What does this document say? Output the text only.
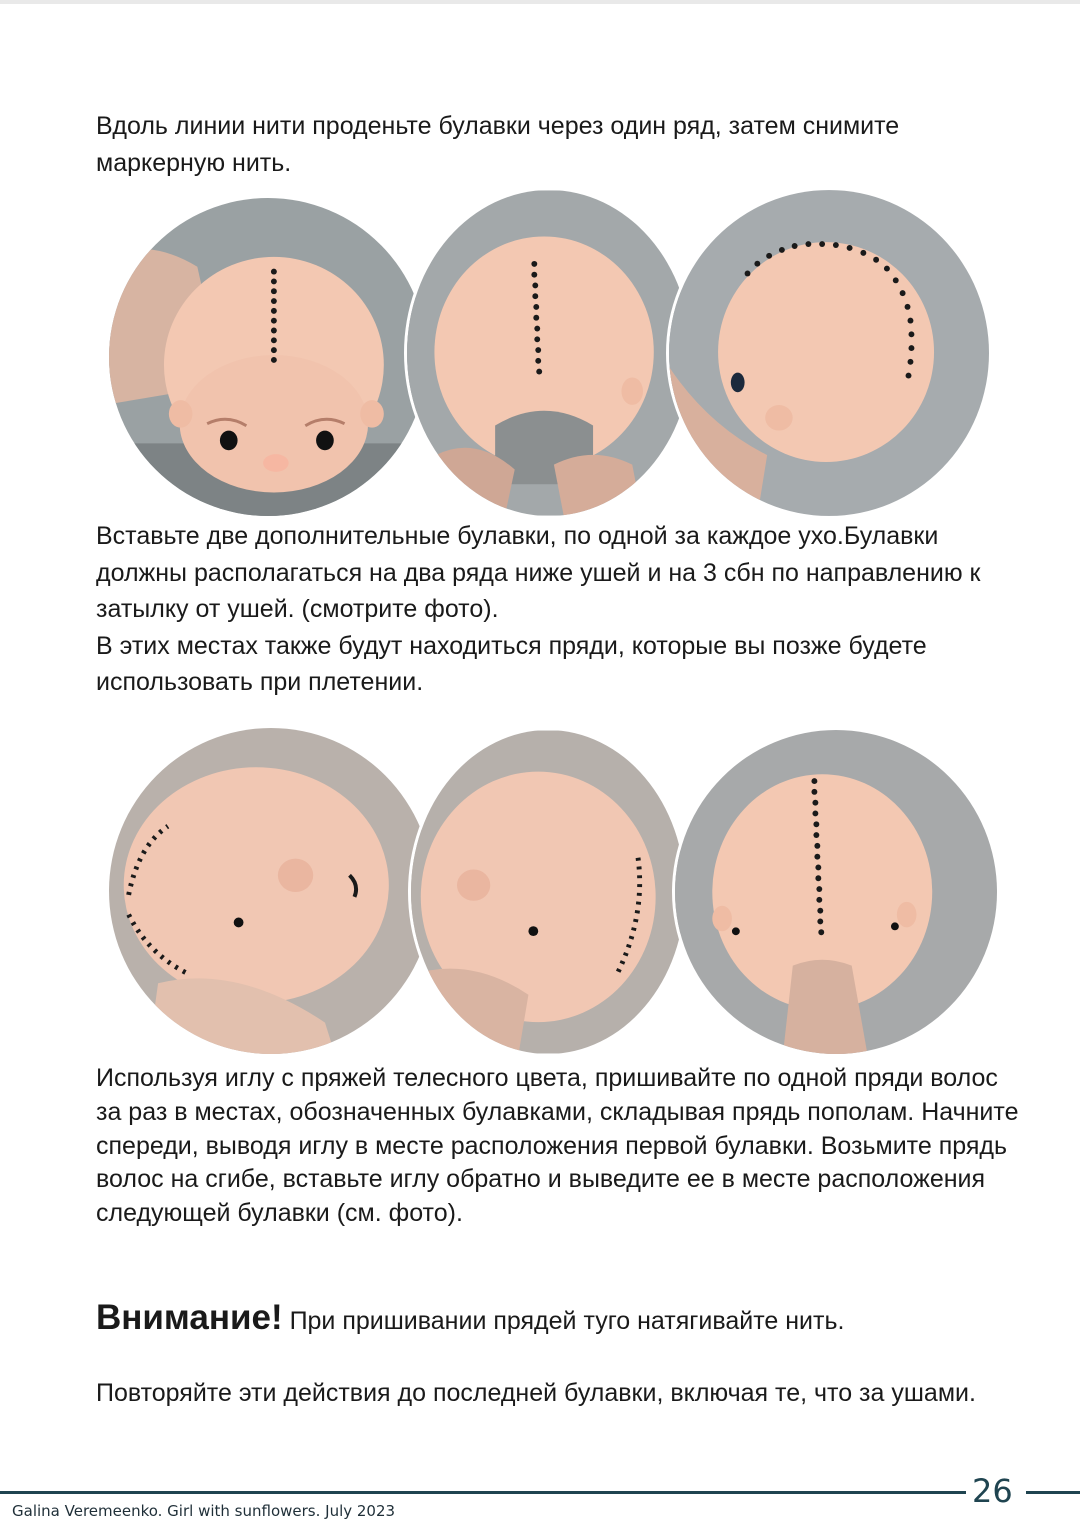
Вдоль линии нити проденьте булавки через один ряд, затем снимите маркерную нить.

Вставьте две дополнительные булавки, по одной за каждое ухо.Булавки должны располагаться на два ряда ниже ушей и на 3 сбн по направлению к затылку от ушей. (смотрите фото).
В этих местах также будут находиться пряди, которые вы позже будете использовать при плетении.

Используя иглу с пряжей телесного цвета, пришивайте по одной пряди волос за раз в местах, обозначенных булавками, складывая прядь пополам. Начните спереди, выводя иглу в месте расположения первой булавки. Возьмите прядь волос на сгибе, вставьте иглу обратно и выведите ее в месте расположения следующей булавки (см. фото).

Внимание! При пришивании прядей туго натягивайте нить.

Повторяйте эти действия до последней булавки, включая те, что за ушами.

26
Galina Veremeenko. Girl with sunflowers. July 2023
